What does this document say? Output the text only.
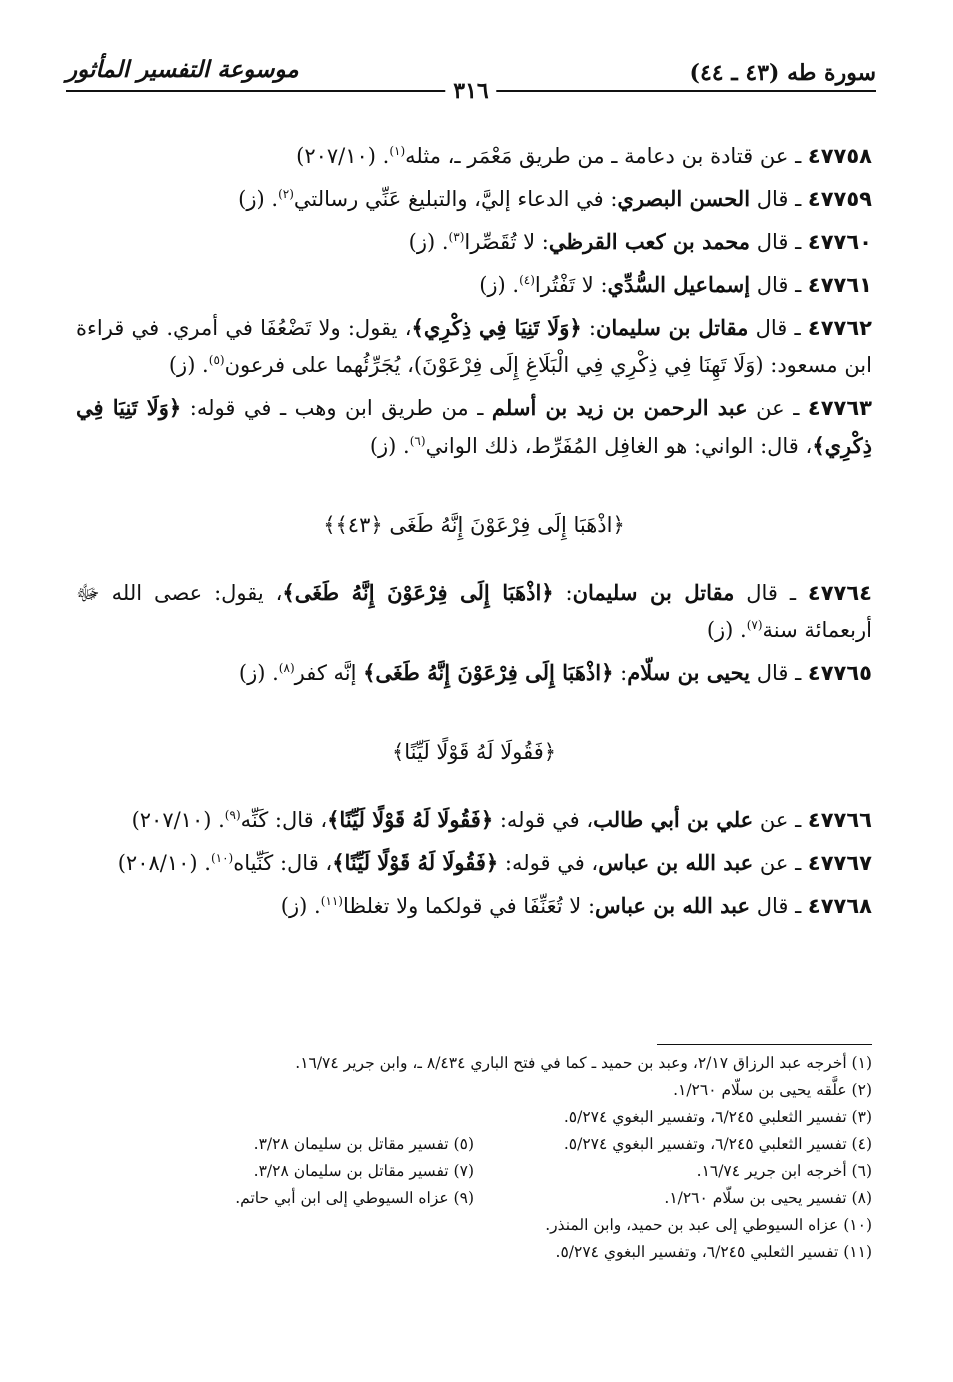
سورة طه (٤٣ ـ ٤٤)
٣١٦
موسوعة التفسير المأثور
٤٧٧٥٨ ـ عن قتادة بن دعامة ـ من طريق مَعْمَر ـ، مثله$^{(١)}$. (٢٠٧/١٠)
٤٧٧٥٩ ـ قال الحسن البصري: في الدعاء إليَّ، والتبليغ عَنِّي رسالتي$^{(٢)}$. (ز)
٤٧٧٦٠ ـ قال محمد بن كعب القرظي: لا تُقَصِّرا$^{(٣)}$. (ز)
٤٧٧٦١ ـ قال إسماعيل السُّدِّي: لا تَفْتُرا$^{(٤)}$. (ز)
٤٧٧٦٢ ـ قال مقاتل بن سليمان: ﴿وَلَا تَنِيَا فِي ذِكْرِي﴾، يقول: ولا تَضْعُفَا في أمري. في قراءة ابن مسعود: (وَلَا تَهِنَا فِي ذِكْرِي فِي الْبَلَاغِ إِلَى فِرْعَوْنَ)، يُجَرِّئُهما على فرعون$^{(٥)}$. (ز)
٤٧٧٦٣ ـ عن عبد الرحمن بن زيد بن أسلم ـ من طريق ابن وهب ـ في قوله: ﴿وَلَا تَنِيَا فِي ذِكْرِي﴾، قال: الواني: هو الغافِل المُفَرِّط، ذلك الواني$^{(٦)}$. (ز)
﴿اذْهَبَا إِلَى فِرْعَوْنَ إِنَّهُ طَغَى ﴿٤٣﴾﴾
٤٧٧٦٤ ـ قال مقاتل بن سليمان: ﴿اذْهَبَا إِلَى فِرْعَوْنَ إِنَّهُ طَغَى﴾، يقول: عصى الله ﷻ أربعمائة سنة$^{(٧)}$. (ز)
٤٧٧٦٥ ـ قال يحيى بن سلّام: ﴿اذْهَبَا إِلَى فِرْعَوْنَ إِنَّهُ طَغَى﴾ إنَّه كفر$^{(٨)}$. (ز)
﴿فَقُولَا لَهُ قَوْلًا لَيِّنًا﴾
٤٧٧٦٦ ـ عن علي بن أبي طالب، في قوله: ﴿فَقُولَا لَهُ قَوْلًا لَيِّنًا﴾، قال: كَنِّه$^{(٩)}$. (٢٠٧/١٠)
٤٧٧٦٧ ـ عن عبد الله بن عباس، في قوله: ﴿فَقُولَا لَهُ قَوْلًا لَيِّنًا﴾، قال: كَنِّياه$^{(١٠)}$. (٢٠٨/١٠)
٤٧٧٦٨ ـ قال عبد الله بن عباس: لا تُعَنِّفَا في قولكما ولا تغلظا$^{(١١)}$. (ز)
(١) أخرجه عبد الرزاق ٢/١٧، وعبد بن حميد ـ كما في فتح الباري ٨/٤٣٤ ـ، وابن جرير ١٦/٧٤.
(٢) علَّقه يحيى بن سلّام ١/٢٦٠.
(٣) تفسير الثعلبي ٦/٢٤٥، وتفسير البغوي ٥/٢٧٤.
(٤) تفسير الثعلبي ٦/٢٤٥، وتفسير البغوي ٥/٢٧٤.
(٥) تفسير مقاتل بن سليمان ٣/٢٨.
(٦) أخرجه ابن جرير ١٦/٧٤.
(٧) تفسير مقاتل بن سليمان ٣/٢٨.
(٨) تفسير يحيى بن سلّام ١/٢٦٠.
(٩) عزاه السيوطي إلى ابن أبي حاتم.
(١٠) عزاه السيوطي إلى عبد بن حميد، وابن المنذر.
(١١) تفسير الثعلبي ٦/٢٤٥، وتفسير البغوي ٥/٢٧٤.
